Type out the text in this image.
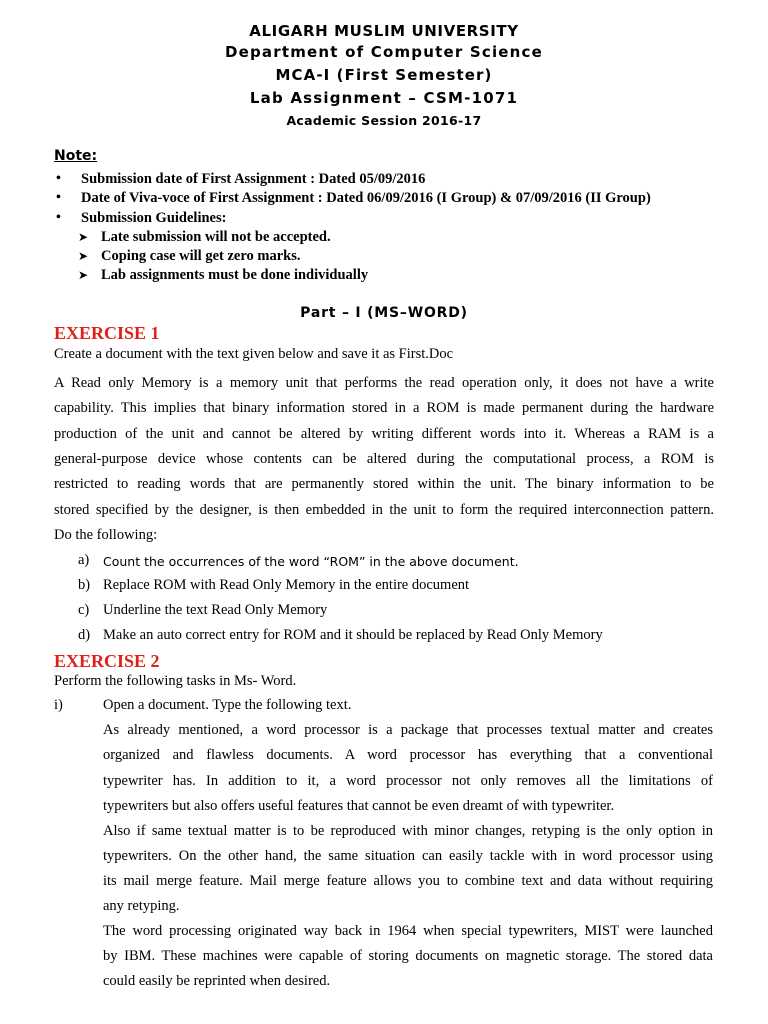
ALIGARH MUSLIM UNIVERSITY
Department of Computer Science
MCA-I (First Semester)
Lab Assignment – CSM-1071
Academic Session 2016-17
Note:
• Submission date of First Assignment : Dated 05/09/2016
• Date of Viva-voce of First Assignment : Dated 06/09/2016 (I Group) & 07/09/2016 (II Group)
• Submission Guidelines:
➤ Late submission will not be accepted.
➤ Coping case will get zero marks.
➤ Lab assignments must be done individually
Part – I (MS–WORD)
EXERCISE 1
Create a document with the text given below and save it as First.Doc
A Read only Memory is a memory unit that performs the read operation only, it does not have a write
capability. This implies that binary information stored in a ROM is made permanent during the hardware
production of the unit and cannot be altered by writing different words into it. Whereas a RAM is a
general-purpose device whose contents can be altered during the computational process, a ROM is
restricted to reading words that are permanently stored within the unit. The binary information to be
stored specified by the designer, is then embedded in the unit to form the required interconnection pattern.
Do the following:
a) Count the occurrences of the word “ROM” in the above document.
b) Replace ROM with Read Only Memory in the entire document
c) Underline the text Read Only Memory
d) Make an auto correct entry for ROM and it should be replaced by Read Only Memory
EXERCISE 2
Perform the following tasks in Ms- Word.
i)	Open a document. Type the following text.
As already mentioned, a word processor is a package that processes textual matter and creates
organized and flawless documents. A word processor has everything that a conventional
typewriter has. In addition to it, a word processor not only removes all the limitations of
typewriters but also offers useful features that cannot be even dreamt of with typewriter.
Also if same textual matter is to be reproduced with minor changes, retyping is the only option in
typewriters. On the other hand, the same situation can easily tackle with in word processor using
its mail merge feature. Mail merge feature allows you to combine text and data without requiring
any retyping.
The word processing originated way back in 1964 when special typewriters, MIST were launched
by IBM. These machines were capable of storing documents on magnetic storage. The stored data
could easily be reprinted when desired.
